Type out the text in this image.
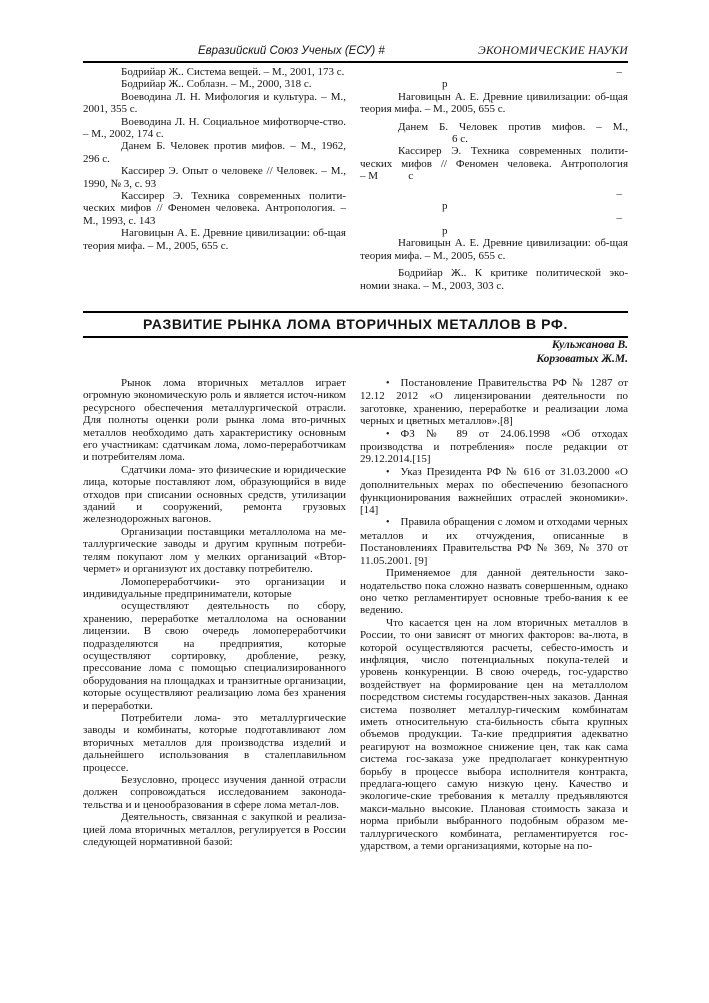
Евразийский Союз Ученых (ЕСУ) #	ЭКОНОМИЧЕСКИЕ НАУКИ
Бодрийар Ж.. Система вещей. – М., 2001, 173 с.
Бодрийар Ж.. Соблазн. – М., 2000, 318 с.
Воеводина Л. Н. Мифология и культура. – М., 2001, 355 с.
Воеводина Л. Н. Социальное мифотворче-ство. – М., 2002, 174 с.
Данем Б. Человек против мифов. – М., 1962, 296 с.
Кассирер Э. Опыт о человеке // Человек. – М., 1990, № 3, с. 93
Кассирер Э. Техника современных полити-ческих мифов // Феномен человека. Антропология. – М., 1993, с. 143
Наговицын А. Е. Древние цивилизации: об-щая теория мифа. – М., 2005, 655 с.
–
р
Наговицын А. Е. Древние цивилизации: об-щая теория мифа. – М., 2005, 655 с.
Данем Б. Человек против мифов. – М.,
6 с.
Кассирер Э. Техника современных полити-ческих мифов // Феномен человека. Антропология
– М           с
–
р
–
р
Наговицын А. Е. Древние цивилизации: об-щая теория мифа. – М., 2005, 655 с.
Бодрийар Ж.. К критике политической эко-номии знака. – М., 2003, 303 с.
РАЗВИТИЕ РЫНКА ЛОМА ВТОРИЧНЫХ МЕТАЛЛОВ В РФ.
Кульжанова В.
Корзоватых Ж.М.
Рынок лома вторичных металлов играет огромную экономическую роль и является источ-ником ресурсного обеспечения металлургической отрасли. Для полноты оценки роли рынка лома вто-ричных металлов необходимо дать характеристику основным его участникам: сдатчикам лома, ломо-переработчикам и потребителям лома.
Сдатчики лома- это физические и юридические лица, которые поставляют лом, образующийся в виде отходов при списании основных средств, утилизации зданий и сооружений, ремонта грузовых железнодорожных вагонов.
Организации поставщики металлолома на ме-таллургические заводы и другим крупным потреби-телям покупают лом у мелких организаций «Втор-чермет» и организуют их доставку потребителю.
Ломопереработчики- это организации и индивидуальные предприниматели, которые
осуществляют деятельность по сбору, хранению, переработке металлолома на основании лицензии. В свою очередь ломопереработчики подразделяются на предприятия, которые осуществляют сортировку, дробление, резку, прессование лома с помощью специализированного оборудования на площадках и транзитные организации, которые осуществляют реализацию лома без хранения и переработки.
Потребители лома- это металлургические заводы и комбинаты, которые подготавливают лом вторичных металлов для производства изделий и дальнейшего использования в сталеплавильном процессе.
Безусловно, процесс изучения данной отрасли должен сопровождаться исследованием законода-тельства и и ценообразования в сфере лома метал-лов.
Деятельность, связанная с закупкой и реализа-цией лома вторичных металлов, регулируется в России следующей нормативной базой:
• Постановление Правительства РФ № 1287 от 12.12 2012 «О лицензировании деятельности по заготовке, хранению, переработке и реализации лома черных и цветных металлов».[8]
• ФЗ № 89 от 24.06.1998 «Об отходах производства и потребления» после редакции от 29.12.2014.[15]
• Указ Президента РФ № 616 от 31.03.2000 «О дополнительных мерах по обеспечению безопасного функционирования важнейших отраслей экономики». [14]
• Правила обращения с ломом и отходами черных металлов и их отчуждения, описанные в Постановлениях Правительства РФ № 369, № 370 от 11.05.2001. [9]
Применяемое для данной деятельности зако-нодательство пока сложно назвать совершенным, однако оно четко регламентирует основные требо-вания к ее ведению.
Что касается цен на лом вторичных металлов в России, то они зависят от многих факторов: ва-люта, в которой осуществляются расчеты, себесто-имость и инфляция, число потенциальных покупа-телей и уровень конкуренции. В свою очередь, гос-ударство воздействует на формирование цен на металлолом посредством системы государствен-ных заказов. Данная система позволяет металлур-гическим комбинатам иметь относительную ста-бильность сбыта крупных объемов продукции. Та-кие предприятия адекватно реагируют на возможное снижение цен, так как сама система гос-заказа уже предполагает конкурентную борьбу в процессе выбора исполнителя контракта, предлага-ющего самую низкую цену. Качество и экологиче-ские требования к металлу предъявляются макси-мально высокие. Плановая стоимость заказа и норма прибыли выбранного подобным образом ме-таллургического комбината, регламентируется гос-ударством, а теми организациями, которые на по-
